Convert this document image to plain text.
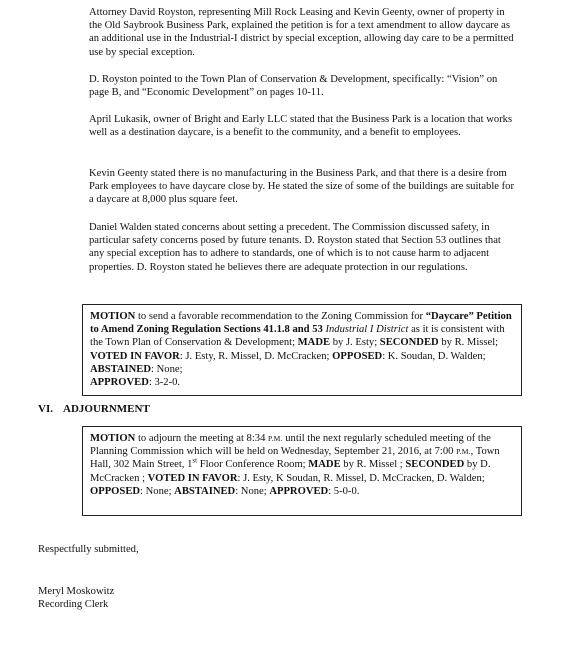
Attorney David Royston, representing Mill Rock Leasing and Kevin Geenty, owner of property in the Old Saybrook Business Park, explained the petition is for a text amendment to allow daycare as an additional use in the Industrial-I district by special exception, allowing day care to be a permitted use by special exception.

D. Royston pointed to the Town Plan of Conservation & Development, specifically: “Vision” on page B, and “Economic Development” on pages 10-11.

April Lukasik, owner of Bright and Early LLC stated that the Business Park is a location that works well as a destination daycare, is a benefit to the community, and a benefit to employees.

Kevin Geenty stated there is no manufacturing in the Business Park, and that there is a desire from Park employees to have daycare close by. He stated the size of some of the buildings are suitable for a daycare at 8,000 plus square feet.

Daniel Walden stated concerns about setting a precedent. The Commission discussed safety, in particular safety concerns posed by future tenants. D. Royston stated that Section 53 outlines that any special exception has to adhere to standards, one of which is to not cause harm to adjacent properties. D. Royston stated he believes there are adequate protection in our regulations.

MOTION to send a favorable recommendation to the Zoning Commission for “Daycare” Petition to Amend Zoning Regulation Sections 41.1.8 and 53 Industrial I District as it is consistent with the Town Plan of Conservation & Development; MADE by J. Esty; SECONDED by R. Missel; VOTED IN FAVOR: J. Esty, R. Missel, D. McCracken; OPPOSED: K. Soudan, D. Walden; ABSTAINED: None;
APPROVED: 3-2-0.

VI. ADJOURNMENT

MOTION to adjourn the meeting at 8:34 P.M. until the next regularly scheduled meeting of the Planning Commission which will be held on Wednesday, September 21, 2016, at 7:00 P.M., Town Hall, 302 Main Street, 1st Floor Conference Room; MADE by R. Missel ; SECONDED by D. McCracken ; VOTED IN FAVOR: J. Esty, K Soudan, R. Missel, D. McCracken, D. Walden; OPPOSED: None; ABSTAINED: None; APPROVED: 5-0-0.

Respectfully submitted,

Meryl Moskowitz

Recording Clerk
